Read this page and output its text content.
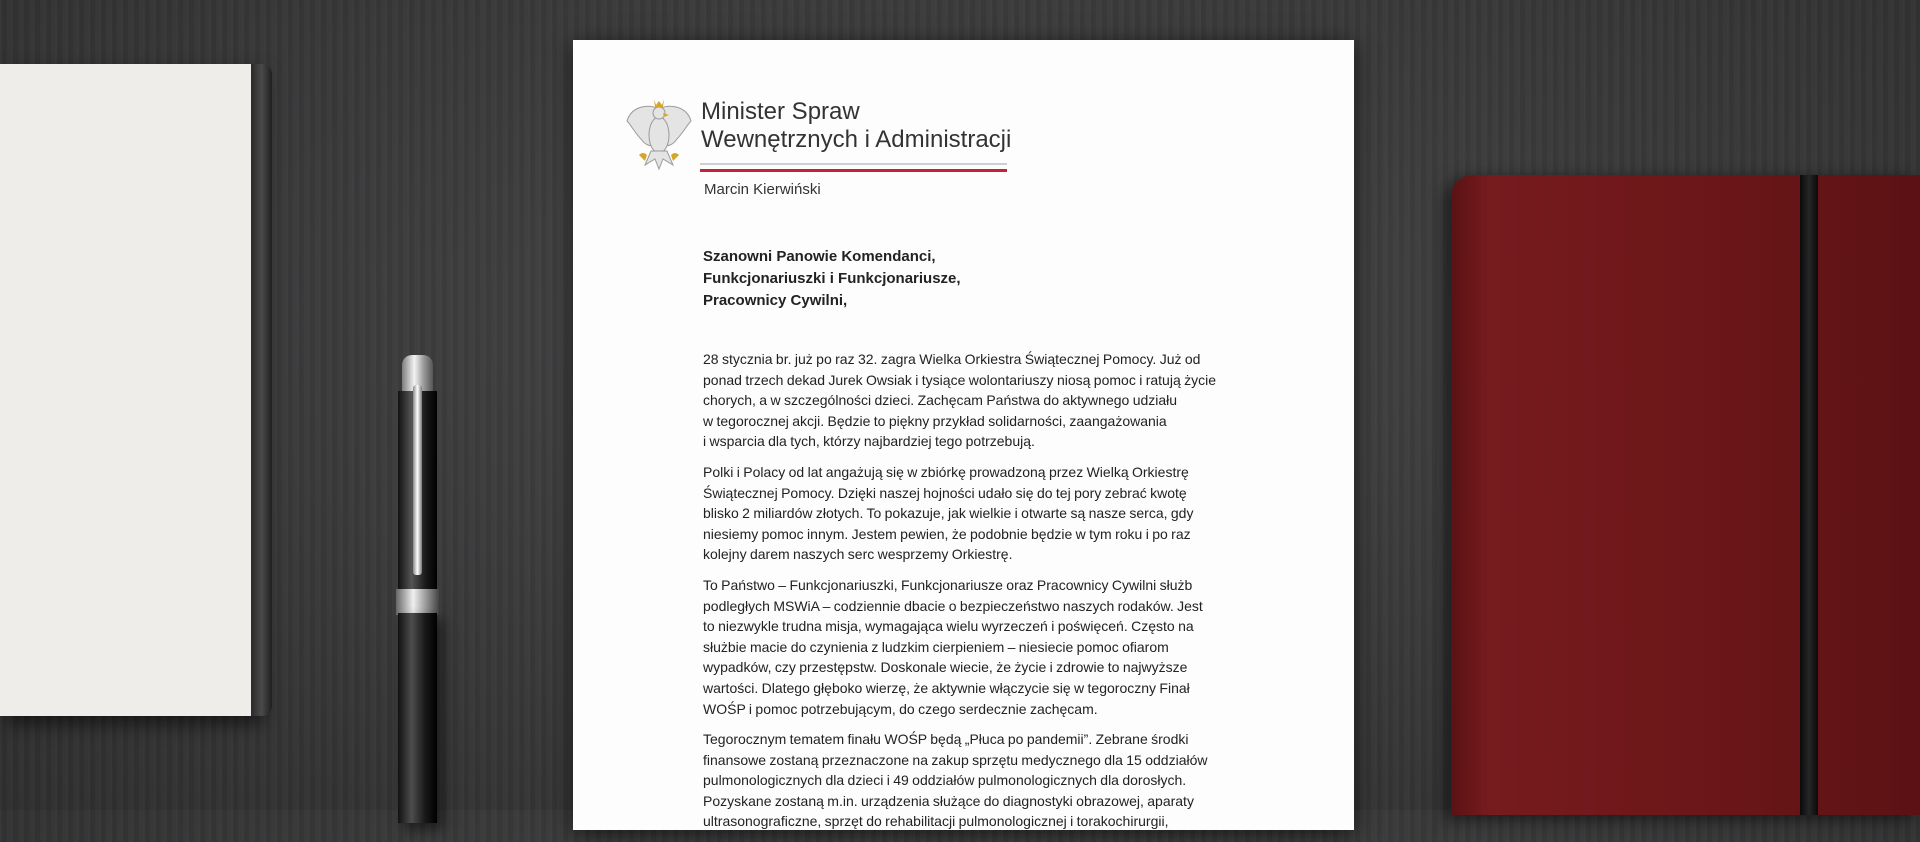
Minister Spraw
Wewnętrznych i Administracji
Marcin Kierwiński
Szanowni Panowie Komendanci,
Funkcjonariuszki i Funkcjonariusze,
Pracownicy Cywilni,
28 stycznia br. już po raz 32. zagra Wielka Orkiestra Świątecznej Pomocy. Już od
ponad trzech dekad Jurek Owsiak i tysiące wolontariuszy niosą pomoc i ratują życie
chorych, a w szczególności dzieci. Zachęcam Państwa do aktywnego udziału
w tegorocznej akcji. Będzie to piękny przykład solidarności, zaangażowania
i wsparcia dla tych, którzy najbardziej tego potrzebują.
Polki i Polacy od lat angażują się w zbiórkę prowadzoną przez Wielką Orkiestrę
Świątecznej Pomocy. Dzięki naszej hojności udało się do tej pory zebrać kwotę
blisko 2 miliardów złotych. To pokazuje, jak wielkie i otwarte są nasze serca, gdy
niesiemy pomoc innym. Jestem pewien, że podobnie będzie w tym roku i po raz
kolejny darem naszych serc wesprzemy Orkiestrę.
To Państwo – Funkcjonariuszki, Funkcjonariusze oraz Pracownicy Cywilni służb
podległych MSWiA – codziennie dbacie o bezpieczeństwo naszych rodaków. Jest
to niezwykle trudna misja, wymagająca wielu wyrzeczeń i poświęceń. Często na
służbie macie do czynienia z ludzkim cierpieniem – niesiecie pomoc ofiarom
wypadków, czy przestępstw. Doskonale wiecie, że życie i zdrowie to najwyższe
wartości. Dlatego głęboko wierzę, że aktywnie włączycie się w tegoroczny Finał
WOŚP i pomoc potrzebującym, do czego serdecznie zachęcam.
Tegorocznym tematem finału WOŚP będą „Płuca po pandemii”. Zebrane środki
finansowe zostaną przeznaczone na zakup sprzętu medycznego dla 15 oddziałów
pulmonologicznych dla dzieci i 49 oddziałów pulmonologicznych dla dorosłych.
Pozyskane zostaną m.in. urządzenia służące do diagnostyki obrazowej, aparaty
ultrasonograficzne, sprzęt do rehabilitacji pulmonologicznej i torakochirurgii,
